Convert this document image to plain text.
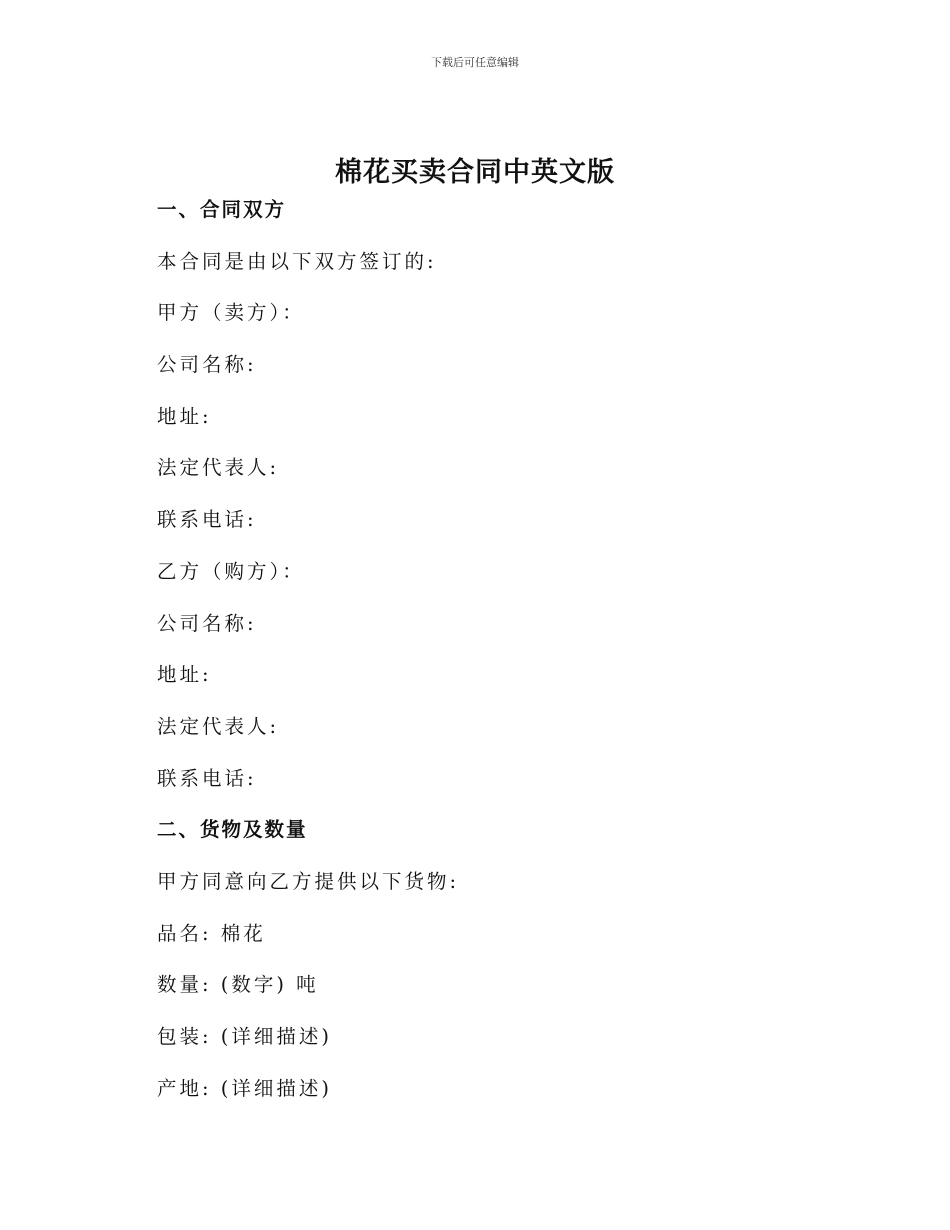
下载后可任意编辑
棉花买卖合同中英文版
一、合同双方
本合同是由以下双方签订的:
甲方（卖方）：
公司名称:
地址:
法定代表人:
联系电话:
乙方（购方）：
公司名称:
地址:
法定代表人:
联系电话:
二、货物及数量
甲方同意向乙方提供以下货物:
品名: 棉花
数量: (数字) 吨
包装: (详细描述)
产地: (详细描述)
